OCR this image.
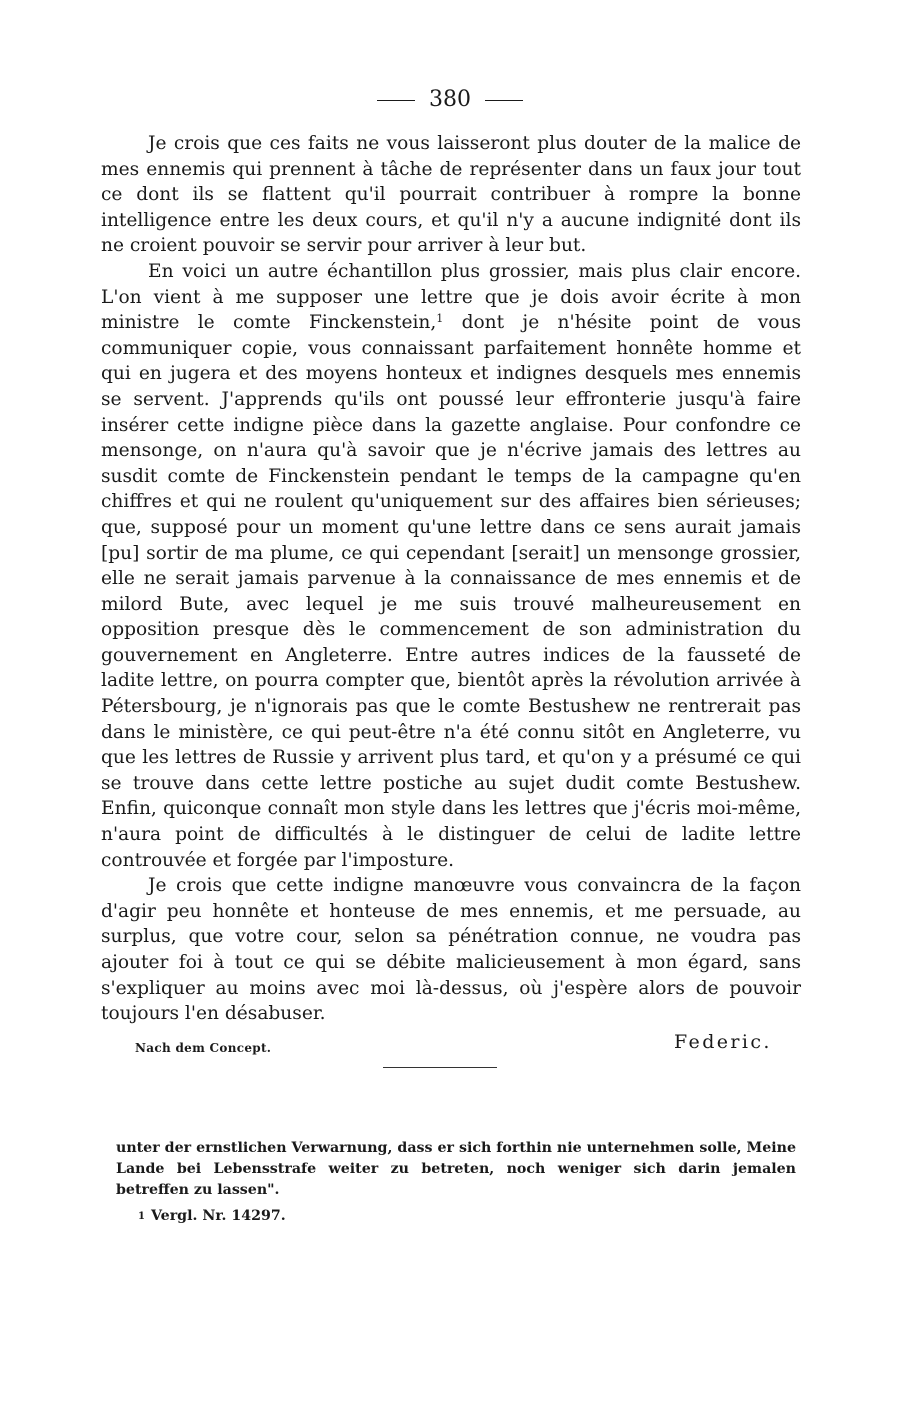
380

Je crois que ces faits ne vous laisseront plus douter de la malice de mes ennemis qui prennent à tâche de représenter dans un faux jour tout ce dont ils se flattent qu'il pourrait contribuer à rompre la bonne intelligence entre les deux cours, et qu'il n'y a aucune indignité dont ils ne croient pouvoir se servir pour arriver à leur but.

En voici un autre échantillon plus grossier, mais plus clair encore. L'on vient à me supposer une lettre que je dois avoir écrite à mon ministre le comte Finckenstein,$^1$ dont je n'hésite point de vous communiquer copie, vous connaissant parfaitement honnête homme et qui en jugera et des moyens honteux et indignes desquels mes ennemis se servent. J'apprends qu'ils ont poussé leur effronterie jusqu'à faire insérer cette indigne pièce dans la gazette anglaise. Pour confondre ce mensonge, on n'aura qu'à savoir que je n'écrive jamais des lettres au susdit comte de Finckenstein pendant le temps de la campagne qu'en chiffres et qui ne roulent qu'uniquement sur des affaires bien sérieuses; que, supposé pour un moment qu'une lettre dans ce sens aurait jamais [pu] sortir de ma plume, ce qui cependant [serait] un mensonge grossier, elle ne serait jamais parvenue à la connaissance de mes ennemis et de milord Bute, avec lequel je me suis trouvé malheureusement en opposition presque dès le commencement de son administration du gouvernement en Angleterre. Entre autres indices de la fausseté de ladite lettre, on pourra compter que, bientôt après la révolution arrivée à Pétersbourg, je n'ignorais pas que le comte Bestushew ne rentrerait pas dans le ministère, ce qui peut-être n'a été connu sitôt en Angleterre, vu que les lettres de Russie y arrivent plus tard, et qu'on y a présumé ce qui se trouve dans cette lettre postiche au sujet dudit comte Bestushew. Enfin, quiconque connaît mon style dans les lettres que j'écris moi-même, n'aura point de difficultés à le distinguer de celui de ladite lettre controuvée et forgée par l'imposture.

Je crois que cette indigne manœuvre vous convaincra de la façon d'agir peu honnête et honteuse de mes ennemis, et me persuade, au surplus, que votre cour, selon sa pénétration connue, ne voudra pas ajouter foi à tout ce qui se débite malicieusement à mon égard, sans s'expliquer au moins avec moi là-dessus, où j'espère alors de pouvoir toujours l'en désabuser.

Nach dem Concept.	Federic.

unter der ernstlichen Verwarnung, dass er sich forthin nie unternehmen solle, Meine Lande bei Lebensstrafe weiter zu betreten, noch weniger sich darin jemalen betreffen zu lassen".

1 Vergl. Nr. 14297.
